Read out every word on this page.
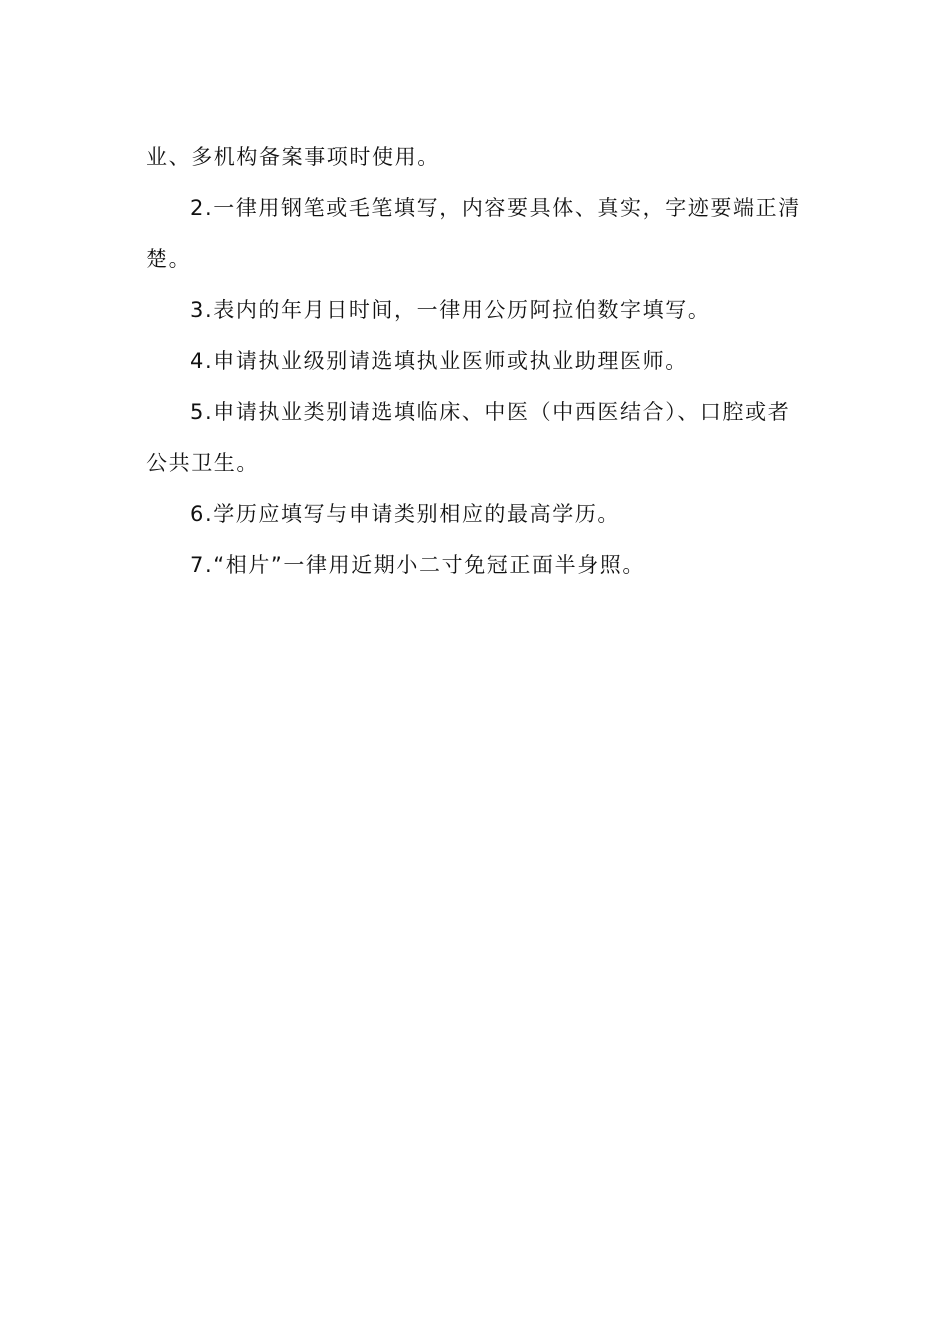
业、多机构备案事项时使用。

2.一律用钢笔或毛笔填写，内容要具体、真实，字迹要端正清楚。

3.表内的年月日时间，一律用公历阿拉伯数字填写。

4.申请执业级别请选填执业医师或执业助理医师。

5.申请执业类别请选填临床、中医（中西医结合）、口腔或者公共卫生。

6.学历应填写与申请类别相应的最高学历。

7.“相片”一律用近期小二寸免冠正面半身照。
